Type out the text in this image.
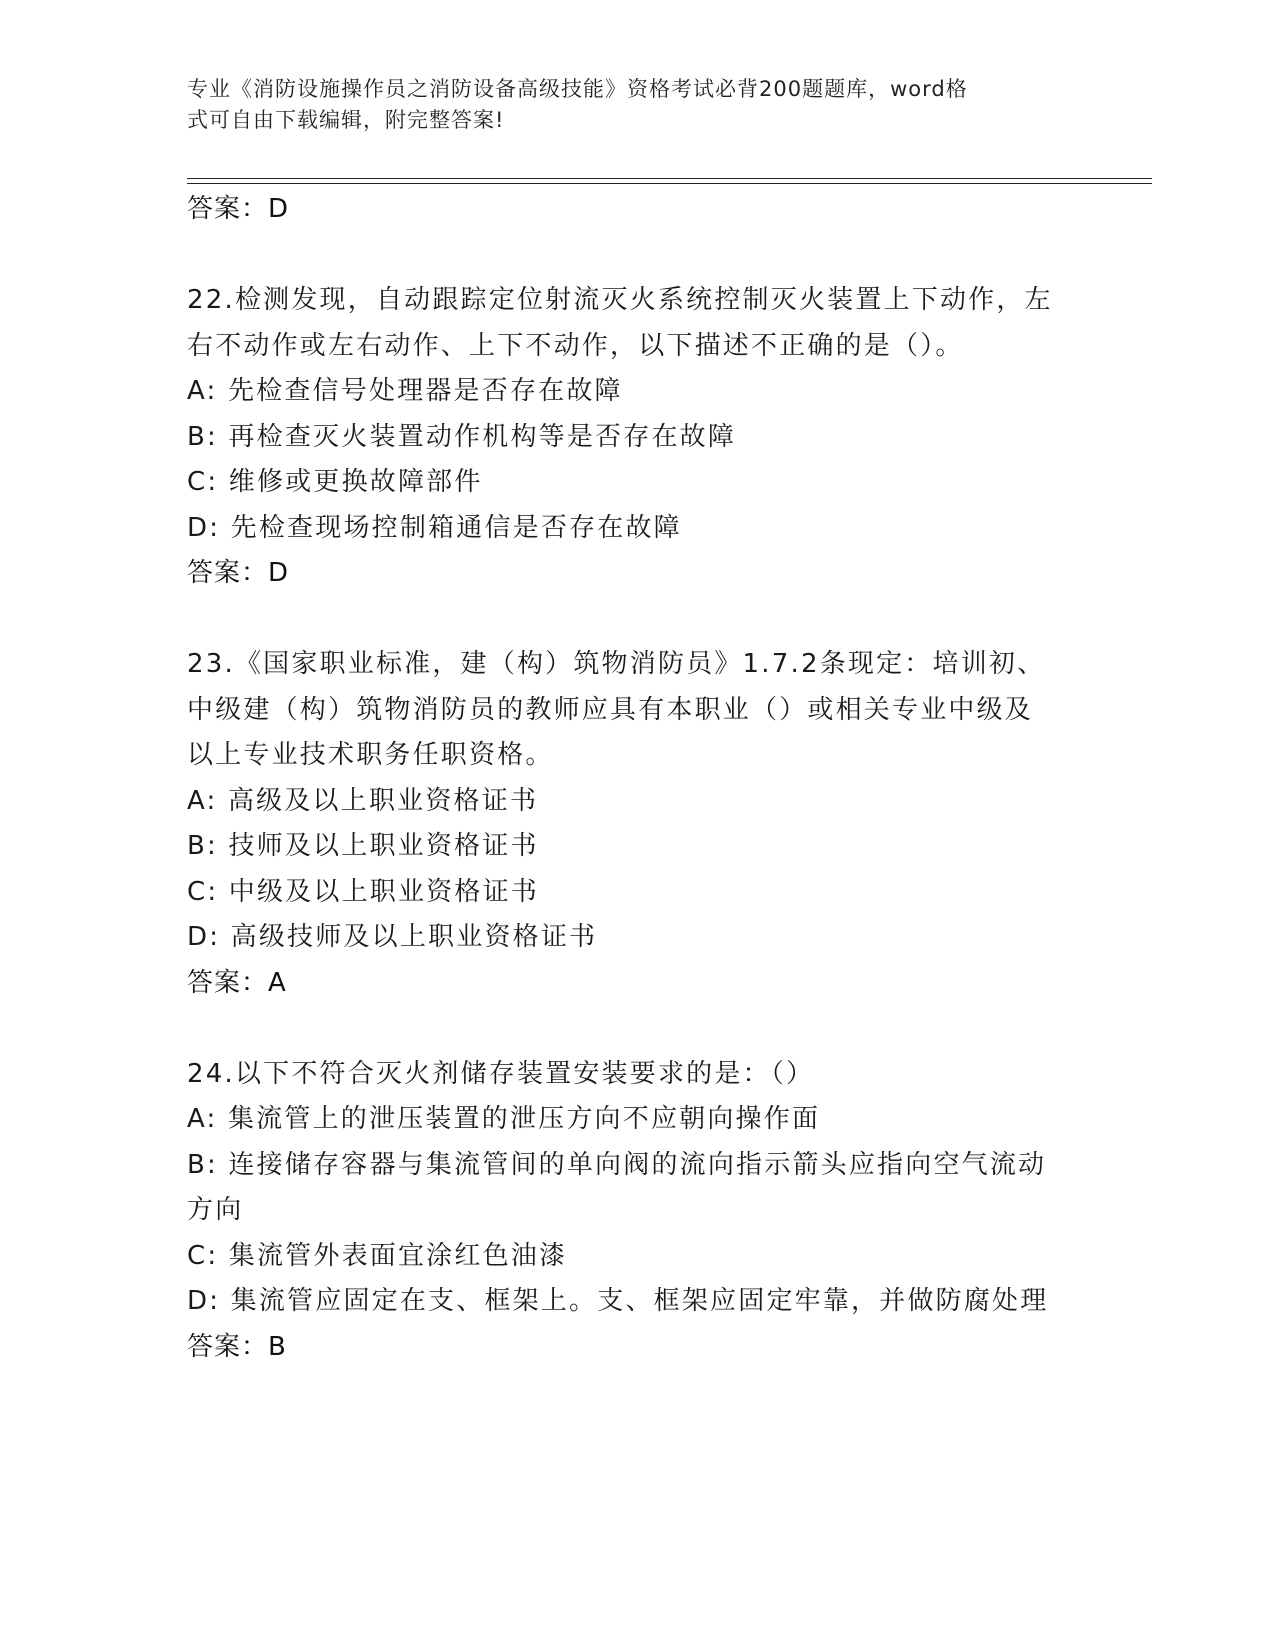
专业《消防设施操作员之消防设备高级技能》资格考试必背200题题库，word格
式可自由下载编辑，附完整答案!
答案：D
22.检测发现，自动跟踪定位射流灭火系统控制灭火装置上下动作，左
右不动作或左右动作、上下不动作，以下描述不正确的是（）。
A: 先检查信号处理器是否存在故障
B: 再检查灭火装置动作机构等是否存在故障
C: 维修或更换故障部件
D: 先检查现场控制箱通信是否存在故障
答案：D
23.《国家职业标准，建（构）筑物消防员》1.7.2条现定：培训初、
中级建（构）筑物消防员的教师应具有本职业（）或相关专业中级及
以上专业技术职务任职资格。
A: 高级及以上职业资格证书
B: 技师及以上职业资格证书
C: 中级及以上职业资格证书
D: 高级技师及以上职业资格证书
答案：A
24.以下不符合灭火剂储存装置安装要求的是：（）
A: 集流管上的泄压装置的泄压方向不应朝向操作面
B: 连接储存容器与集流管间的单向阀的流向指示箭头应指向空气流动
方向
C: 集流管外表面宜涂红色油漆
D: 集流管应固定在支、框架上。支、框架应固定牢靠，并做防腐处理
答案：B
